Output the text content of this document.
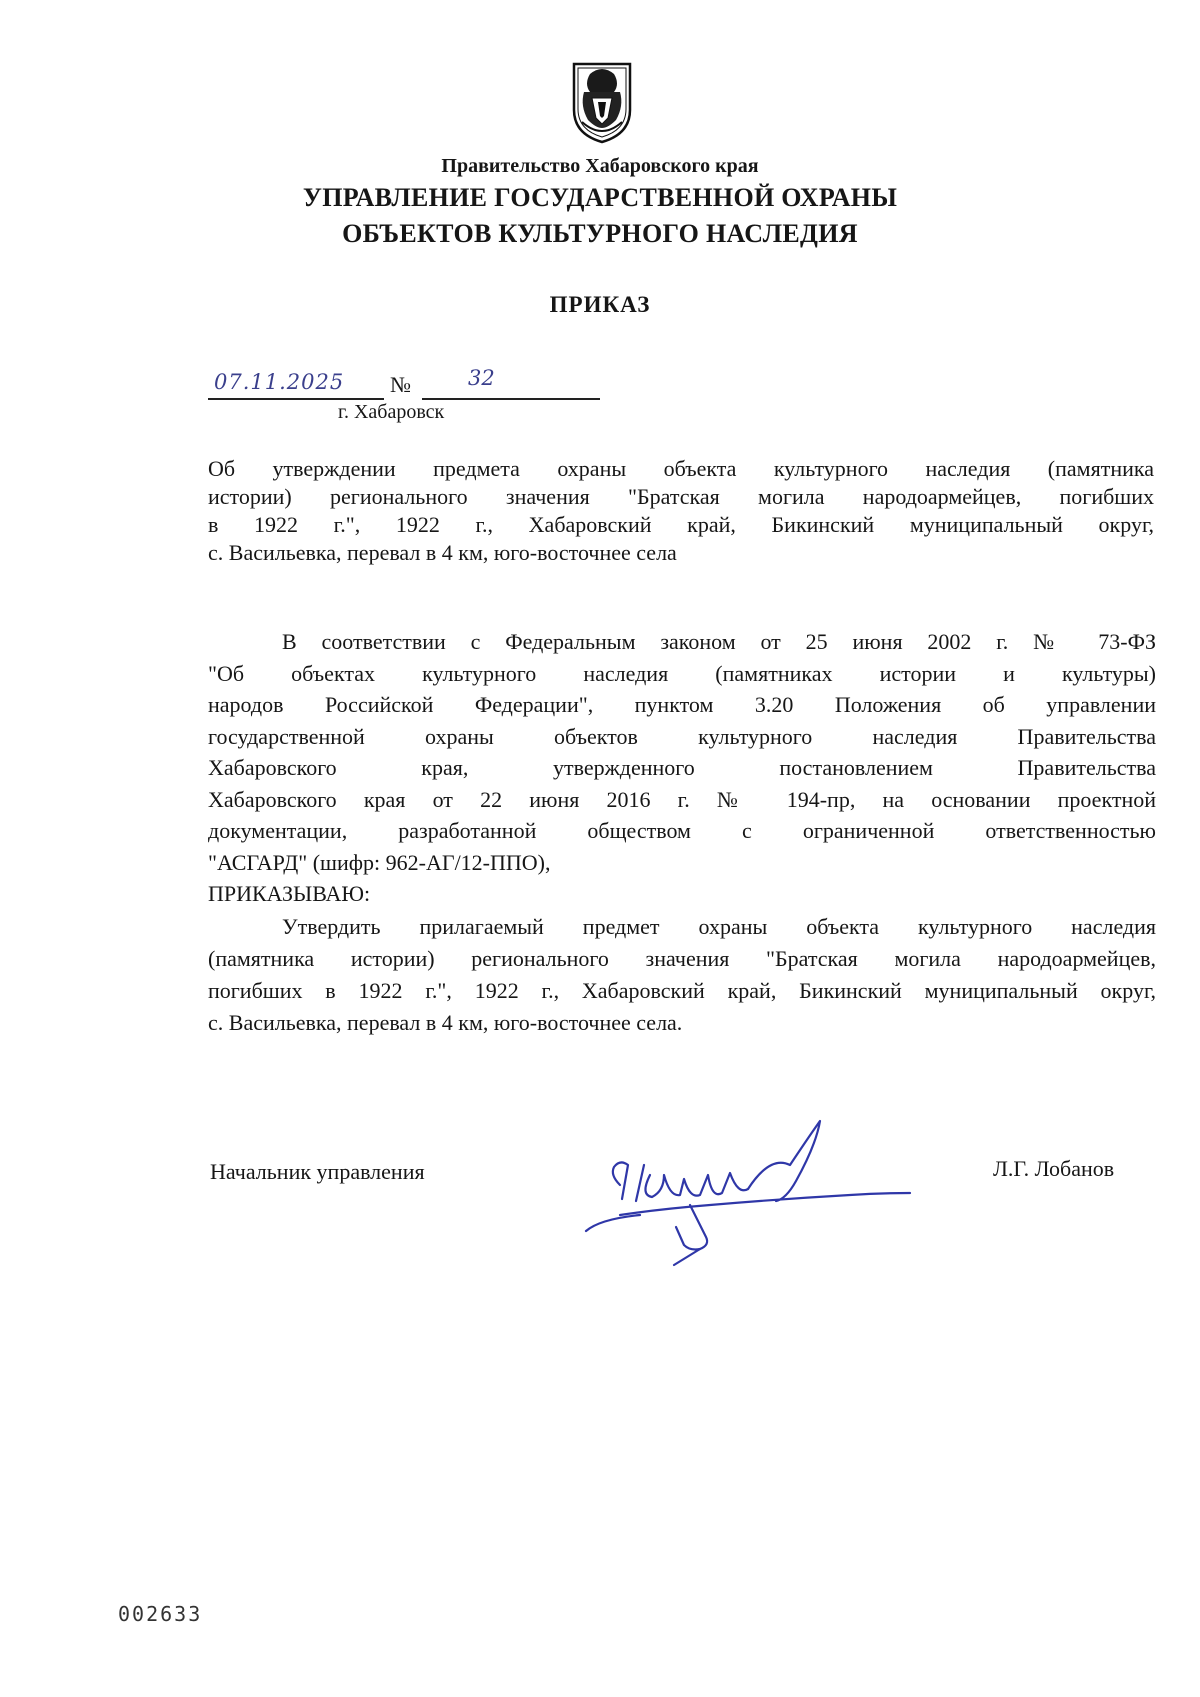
Правительство Хабаровского края
УПРАВЛЕНИЕ ГОСУДАРСТВЕННОЙ ОХРАНЫ
ОБЪЕКТОВ КУЛЬТУРНОГО НАСЛЕДИЯ
ПРИКАЗ
07.11.2025 №	32
г. Хабаровск
Об утверждении предмета охраны объекта культурного наследия (памятника
истории) регионального значения "Братская могила народоармейцев, погибших
в 1922 г.", 1922 г., Хабаровский край, Бикинский муниципальный округ,
с. Васильевка, перевал в 4 км, юго-восточнее села
В соответствии с Федеральным законом от 25 июня 2002 г. № 73-ФЗ
"Об объектах культурного наследия (памятниках истории и культуры)
народов Российской Федерации", пунктом 3.20 Положения об управлении
государственной охраны объектов культурного наследия Правительства
Хабаровского края, утвержденного постановлением Правительства
Хабаровского края от 22 июня 2016 г. № 194-пр, на основании проектной
документации, разработанной обществом с ограниченной ответственностью
"АСГАРД" (шифр: 962-АГ/12-ППО),
ПРИКАЗЫВАЮ:
Утвердить прилагаемый предмет охраны объекта культурного наследия
(памятника истории) регионального значения "Братская могила народоармейцев,
погибших в 1922 г.", 1922 г., Хабаровский край, Бикинский муниципальный округ,
с. Васильевка, перевал в 4 км, юго-восточнее села.
Начальник управления	Л.Г. Лобанов
002633
